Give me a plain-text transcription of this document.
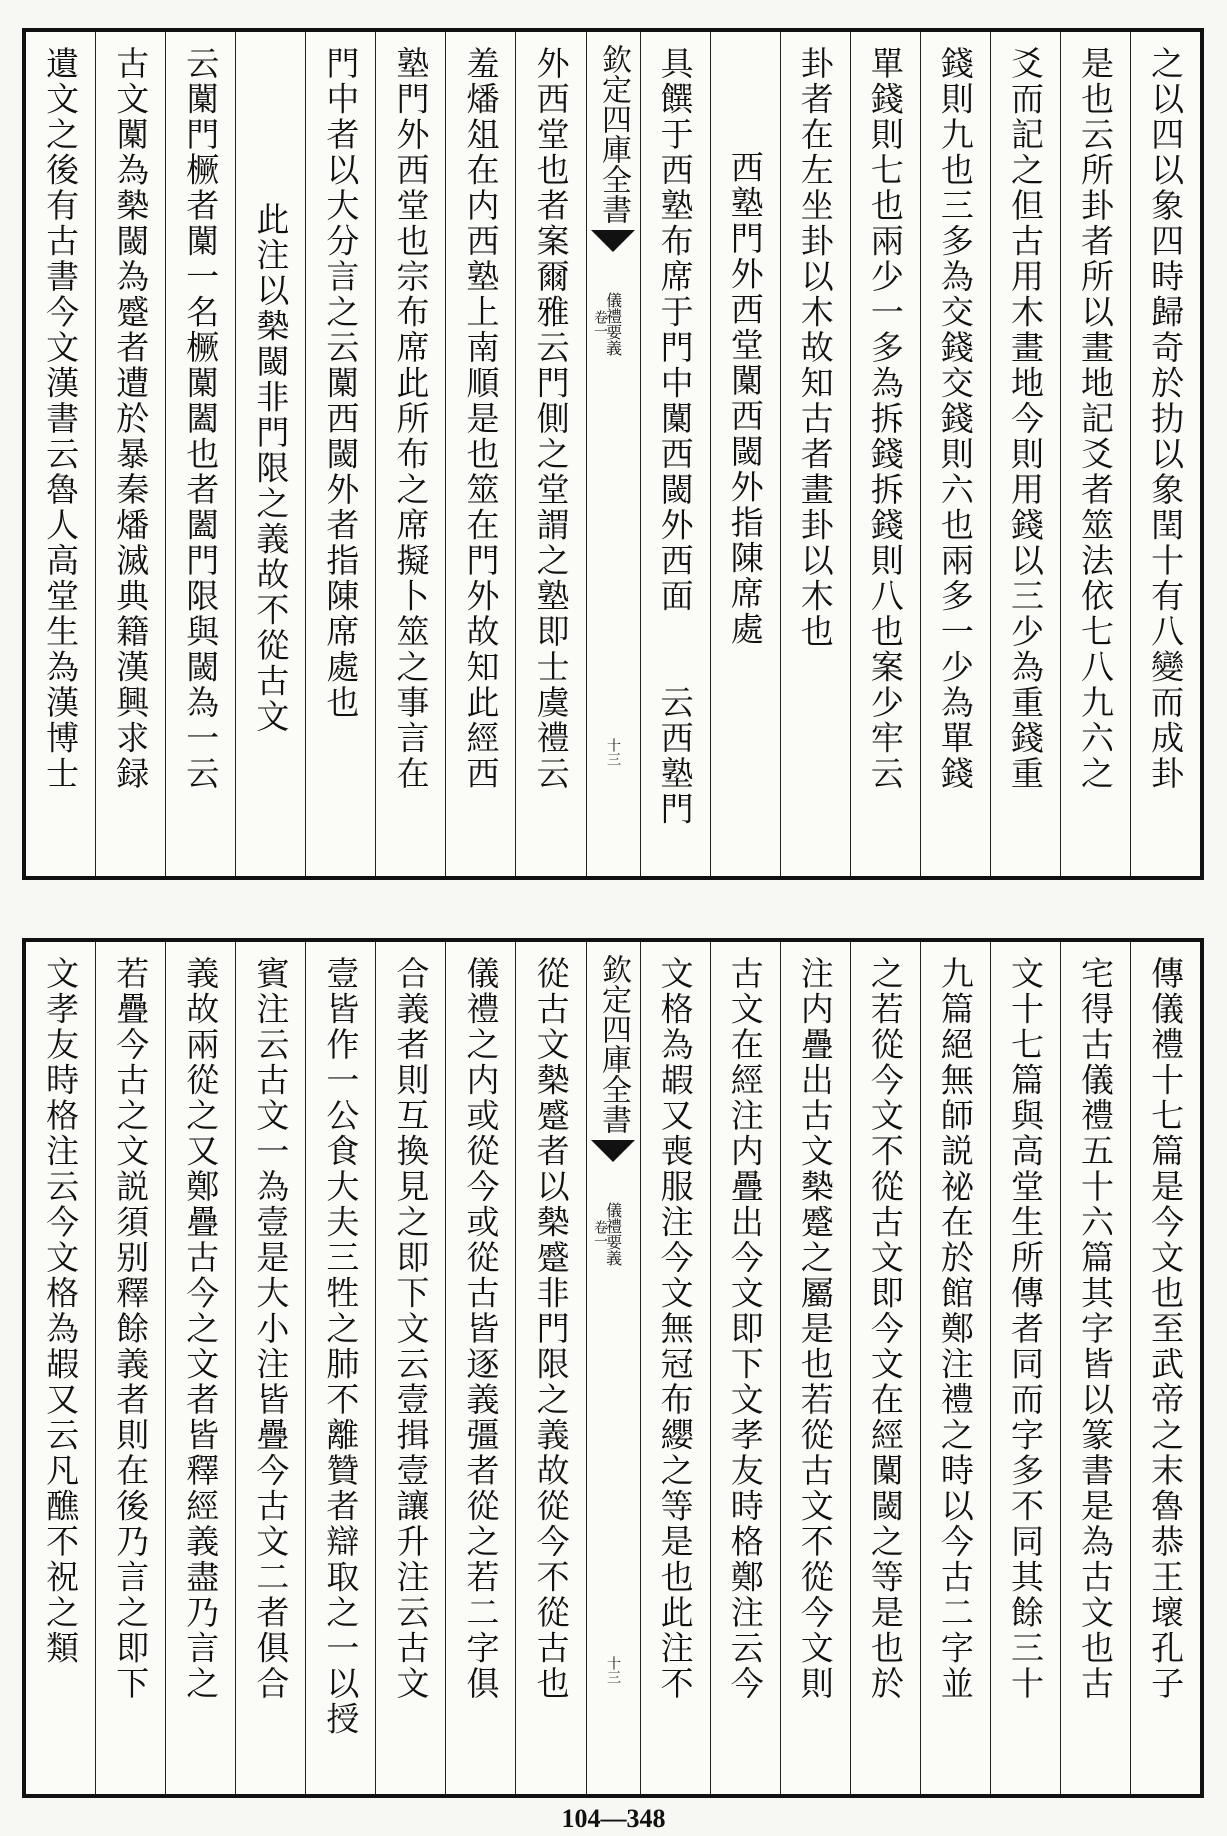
之以四以象四時歸奇於扐以象閏十有八變而成卦
是也云所卦者所以畫地記爻者筮法依七八九六之
爻而記之但古用木畫地今則用錢以三少為重錢重
錢則九也三多為交錢交錢則六也兩多一少為單錢
單錢則七也兩少一多為拆錢拆錢則八也案少牢云
卦者在左坐卦以木故知古者畫卦以木也
西塾門外西堂闑西閾外指陳席處
具饌于西塾布席于門中闑西閾外西面　　云西塾門
欽定四庫全書
儀禮要義
卷一
十三
外西堂也者案爾雅云門側之堂謂之塾即士虞禮云
羞燔俎在内西塾上南順是也筮在門外故知此經西
塾門外西堂也宗布席此所布之席擬卜筮之事言在
門中者以大分言之云闑西閾外者指陳席處也
此注以槷閾非門限之義故不從古文
云闑門橛者闑一名橛闑闔也者闔門限與閾為一云
古文闑為槷閾為蹙者遭於暴秦燔滅典籍漢興求録
遺文之後有古書今文漢書云魯人高堂生為漢博士
傳儀禮十七篇是今文也至武帝之末魯恭王壞孔子
宅得古儀禮五十六篇其字皆以篆書是為古文也古
文十七篇與高堂生所傳者同而字多不同其餘三十
九篇絕無師説祕在於館鄭注禮之時以今古二字並
之若從今文不從古文即今文在經闑閾之等是也於
注内疊出古文槷蹙之屬是也若從古文不從今文則
古文在經注内疊出今文即下文孝友時格鄭注云今
文格為嘏又喪服注今文無冠布纓之等是也此注不
欽定四庫全書
儀禮要義
卷一
十三
從古文槷蹙者以槷蹙非門限之義故從今不從古也
儀禮之内或從今或從古皆逐義彊者從之若二字俱
合義者則互換見之即下文云壹揖壹讓升注云古文
壹皆作一公食大夫三牲之肺不離贊者辯取之一以授
賓注云古文一為壹是大小注皆疊今古文二者俱合
義故兩從之又鄭疊古今之文者皆釋經義盡乃言之
若疊今古之文説須别釋餘義者則在後乃言之即下
文孝友時格注云今文格為嘏又云凡醮不祝之類
104—348
